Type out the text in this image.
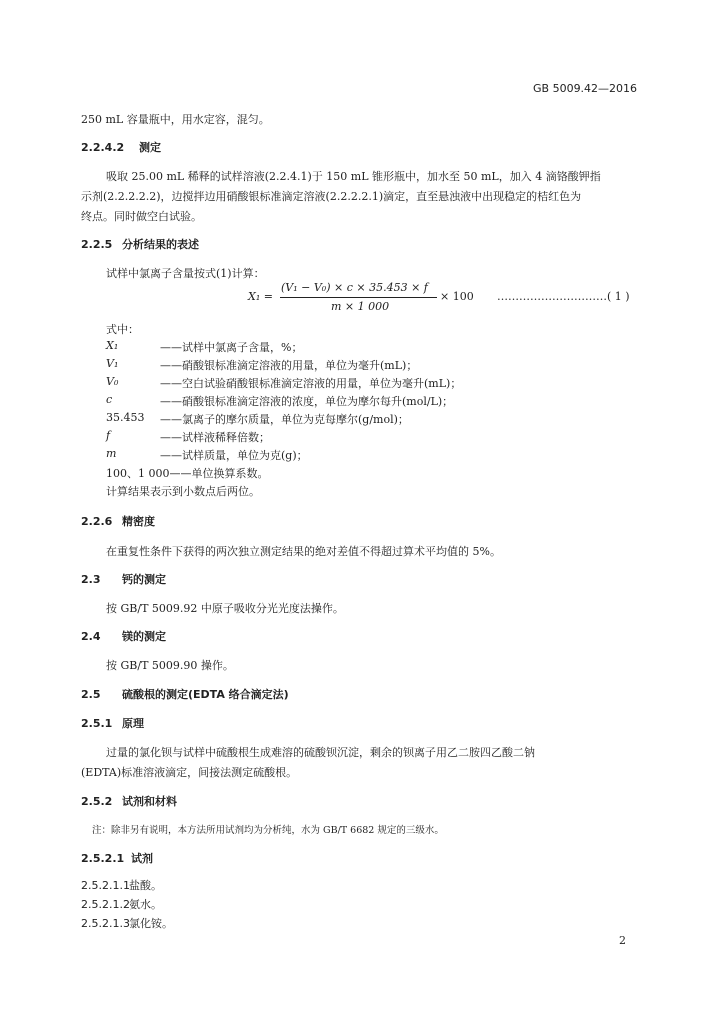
GB 5009.42—2016
250 mL 容量瓶中，用水定容，混匀。
2.2.4.2 测定
吸取 25.00 mL 稀释的试样溶液(2.2.4.1)于 150 mL 锥形瓶中，加水至 50 mL，加入 4 滴铬酸钾指
示剂(2.2.2.2.2)，边搅拌边用硝酸银标准滴定溶液(2.2.2.2.1)滴定，直至悬浊液中出现稳定的桔红色为
终点。同时做空白试验。
2.2.5 分析结果的表述
试样中氯离子含量按式(1)计算：
X₁ =
(V₁ − V₀) × c × 35.453 × f
m × 1 000
× 100 …………………………( 1 )
式中：
X₁	——试样中氯离子含量，%；
V₁	——硝酸银标准滴定溶液的用量，单位为毫升(mL)；
V₀	——空白试验硝酸银标准滴定溶液的用量，单位为毫升(mL)；
c	——硝酸银标准滴定溶液的浓度，单位为摩尔每升(mol/L)；
35.453 ——氯离子的摩尔质量，单位为克每摩尔(g/mol)；
f	——试样液稀释倍数；
m	——试样质量，单位为克(g)；
100、1 000——单位换算系数。
计算结果表示到小数点后两位。
2.2.6 精密度
在重复性条件下获得的两次独立测定结果的绝对差值不得超过算术平均值的 5%。
2.3 钙的测定
按 GB/T 5009.92 中原子吸收分光光度法操作。
2.4 镁的测定
按 GB/T 5009.90 操作。
2.5 硫酸根的测定(EDTA 络合滴定法)
2.5.1 原理
过量的氯化钡与试样中硫酸根生成难溶的硫酸钡沉淀，剩余的钡离子用乙二胺四乙酸二钠
(EDTA)标准溶液滴定，间接法测定硫酸根。
2.5.2 试剂和材料
注：除非另有说明，本方法所用试剂均为分析纯，水为 GB/T 6682 规定的三级水。
2.5.2.1 试剂
2.5.2.1.1盐酸。
2.5.2.1.2氨水。
2.5.2.1.3氯化铵。
2
